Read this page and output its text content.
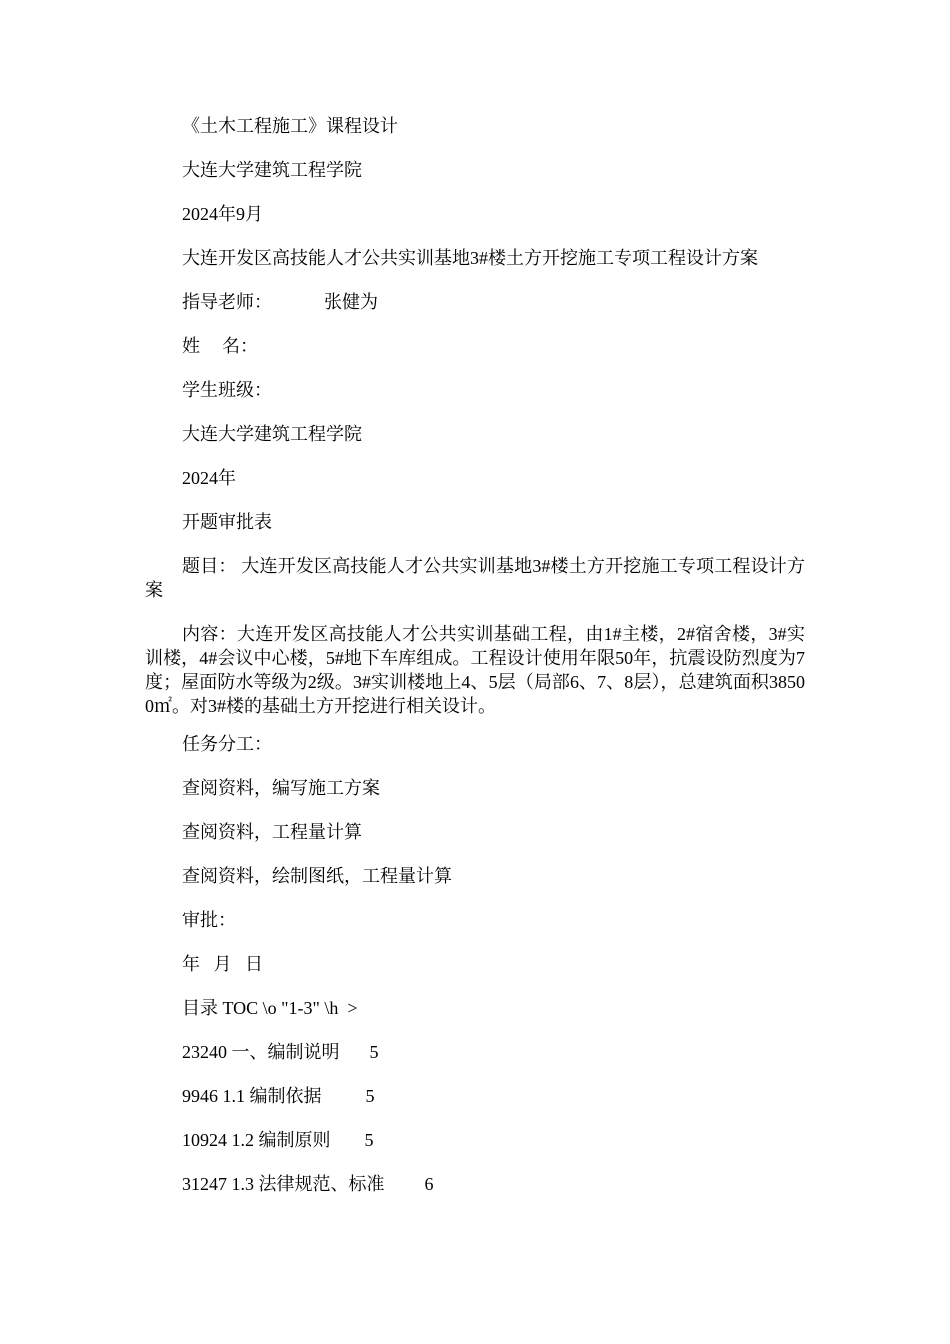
《土木工程施工》课程设计
大连大学建筑工程学院
2024年9月
大连开发区高技能人才公共实训基地3#楼土方开挖施工专项工程设计方案
指导老师：	张健为
姓 名：
学生班级：
大连大学建筑工程学院
2024年
开题审批表
题目： 大连开发区高技能人才公共实训基地3#楼土方开挖施工专项工程设计方案
内容：大连开发区高技能人才公共实训基础工程，由1#主楼，2#宿舍楼，3#实训楼，4#会议中心楼，5#地下车库组成。工程设计使用年限50年，抗震设防烈度为7度；屋面防水等级为2级。3#实训楼地上4、5层（局部6、7、8层），总建筑面积38500㎡。对3#楼的基础土方开挖进行相关设计。
任务分工：
查阅资料，编写施工方案
查阅资料，工程量计算
查阅资料，绘制图纸，工程量计算
审批：
年   月   日
目录 TOC \o "1-3" \h  >
23240 一、编制说明 5
9946 1.1 编制依据 5
10924 1.2 编制原则 5
31247 1.3 法律规范、标准 6
